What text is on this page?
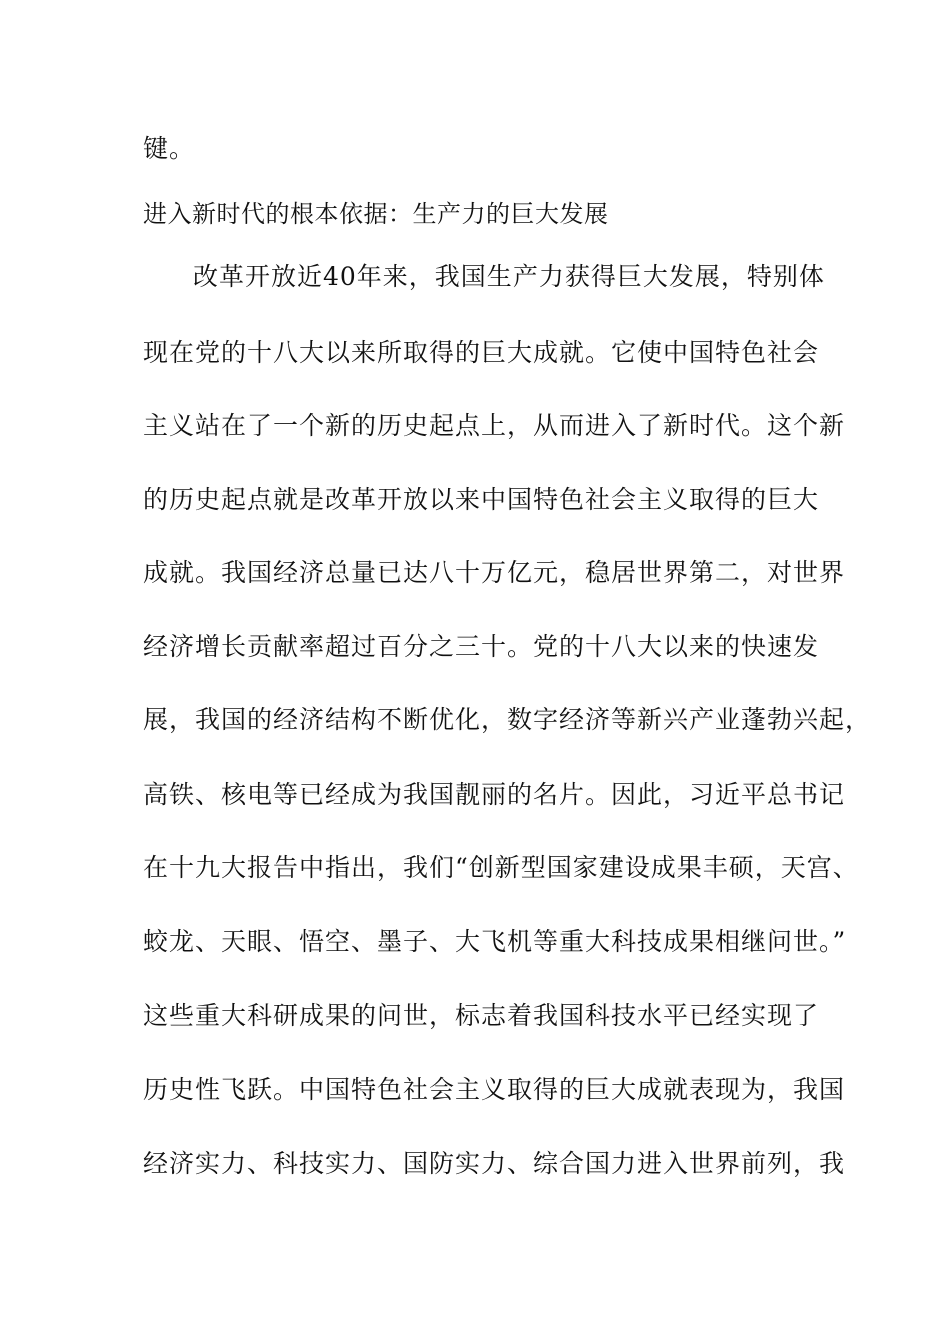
键。
进入新时代的根本依据：生产力的巨大发展
改革开放近40年来，我国生产力获得巨大发展，特别体
现在党的十八大以来所取得的巨大成就。它使中国特色社会
主义站在了一个新的历史起点上，从而进入了新时代。这个新
的历史起点就是改革开放以来中国特色社会主义取得的巨大
成就。我国经济总量已达八十万亿元，稳居世界第二，对世界
经济增长贡献率超过百分之三十。党的十八大以来的快速发
展，我国的经济结构不断优化，数字经济等新兴产业蓬勃兴起，
高铁、核电等已经成为我国靓丽的名片。因此，习近平总书记
在十九大报告中指出，我们“创新型国家建设成果丰硕，天宫、
蛟龙、天眼、悟空、墨子、大飞机等重大科技成果相继问世。”
这些重大科研成果的问世，标志着我国科技水平已经实现了
历史性飞跃。中国特色社会主义取得的巨大成就表现为，我国
经济实力、科技实力、国防实力、综合国力进入世界前列，我
